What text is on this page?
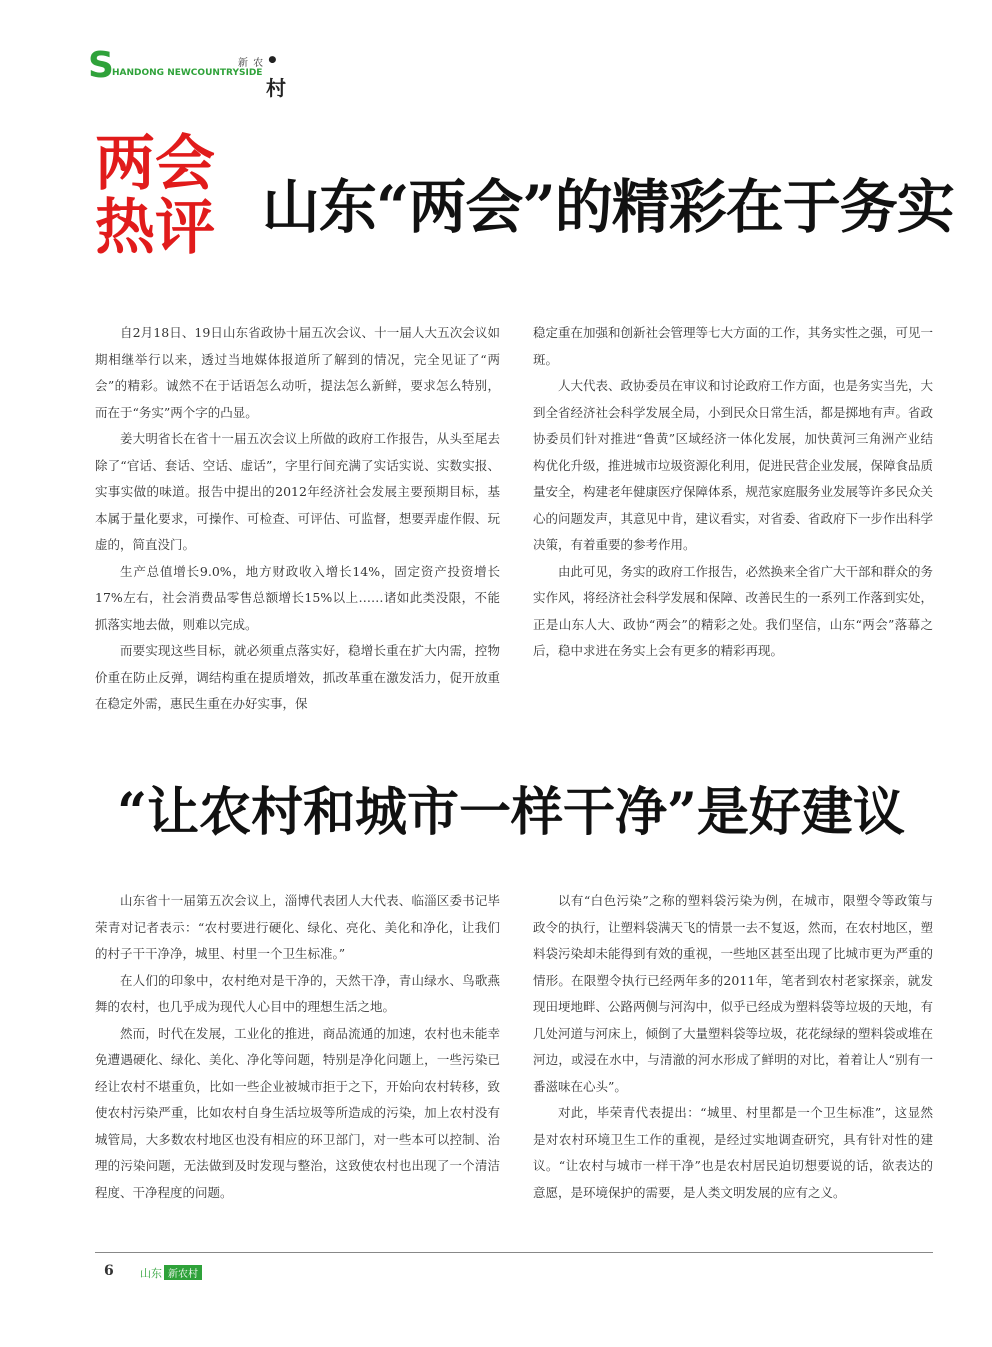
S
HANDONG NEWCOUNTRYSIDE
新 农 •村
两会
热评 山东“两会”的精彩在于务实

自2月18日、19日山东省政协十届五次会议、十一届人大五次会议如期相继举行以来，透过当地媒体报道所了解到的情况，完全见证了“两会”的精彩。诚然不在于话语怎么动听，提法怎么新鲜，要求怎么特别，而在于“务实”两个字的凸显。

姜大明省长在省十一届五次会议上所做的政府工作报告，从头至尾去除了“官话、套话、空话、虚话”，字里行间充满了实话实说、实数实报、实事实做的味道。报告中提出的2012年经济社会发展主要预期目标，基本属于量化要求，可操作、可检查、可评估、可监督，想要弄虚作假、玩虚的，简直没门。

生产总值增长9.0%，地方财政收入增长14%，固定资产投资增长17%左右，社会消费品零售总额增长15%以上……诸如此类没限，不能抓落实地去做，则难以完成。

而要实现这些目标，就必须重点落实好，稳增长重在扩大内需，控物价重在防止反弹，调结构重在提质增效，抓改革重在激发活力，促开放重在稳定外需，惠民生重在办好实事，保

稳定重在加强和创新社会管理等七大方面的工作，其务实性之强，可见一斑。

人大代表、政协委员在审议和讨论政府工作方面，也是务实当先，大到全省经济社会科学发展全局，小到民众日常生活，都是掷地有声。省政协委员们针对推进“鲁黄”区域经济一体化发展，加快黄河三角洲产业结构优化升级，推进城市垃圾资源化利用，促进民营企业发展，保障食品质量安全，构建老年健康医疗保障体系，规范家庭服务业发展等许多民众关心的问题发声，其意见中肯，建议看实，对省委、省政府下一步作出科学决策，有着重要的参考作用。

由此可见，务实的政府工作报告，必然换来全省广大干部和群众的务实作风，将经济社会科学发展和保障、改善民生的一系列工作落到实处，正是山东人大、政协“两会”的精彩之处。我们坚信，山东“两会”落幕之后，稳中求进在务实上会有更多的精彩再现。

“让农村和城市一样干净”是好建议

山东省十一届第五次会议上，淄博代表团人大代表、临淄区委书记毕荣青对记者表示：“农村要进行硬化、绿化、亮化、美化和净化，让我们的村子干干净净，城里、村里一个卫生标准。”

在人们的印象中，农村绝对是干净的，天然干净，青山绿水、鸟歌燕舞的农村，也几乎成为现代人心目中的理想生活之地。

然而，时代在发展，工业化的推进，商品流通的加速，农村也未能幸免遭遇硬化、绿化、美化、净化等问题，特别是净化问题上，一些污染已经让农村不堪重负，比如一些企业被城市拒于之下，开始向农村转移，致使农村污染严重，比如农村自身生活垃圾等所造成的污染，加上农村没有城管局，大多数农村地区也没有相应的环卫部门，对一些本可以控制、治理的污染问题，无法做到及时发现与整治，这致使农村也出现了一个清洁程度、干净程度的问题。

以有“白色污染”之称的塑料袋污染为例，在城市，限塑令等政策与政令的执行，让塑料袋满天飞的情景一去不复返，然而，在农村地区，塑料袋污染却未能得到有效的重视，一些地区甚至出现了比城市更为严重的情形。在限塑令执行已经两年多的2011年，笔者到农村老家探亲，就发现田埂地畔、公路两侧与河沟中，似乎已经成为塑料袋等垃圾的天地，有几处河道与河床上，倾倒了大量塑料袋等垃圾，花花绿绿的塑料袋或堆在河边，或浸在水中，与清澈的河水形成了鲜明的对比，着着让人“别有一番滋味在心头”。

对此，毕荣青代表提出：“城里、村里都是一个卫生标准”，这显然是对农村环境卫生工作的重视，是经过实地调查研究，具有针对性的建议。“让农村与城市一样干净”也是农村居民迫切想要说的话，欲表达的意愿，是环境保护的需要，是人类文明发展的应有之义。

6 山东 新农村
